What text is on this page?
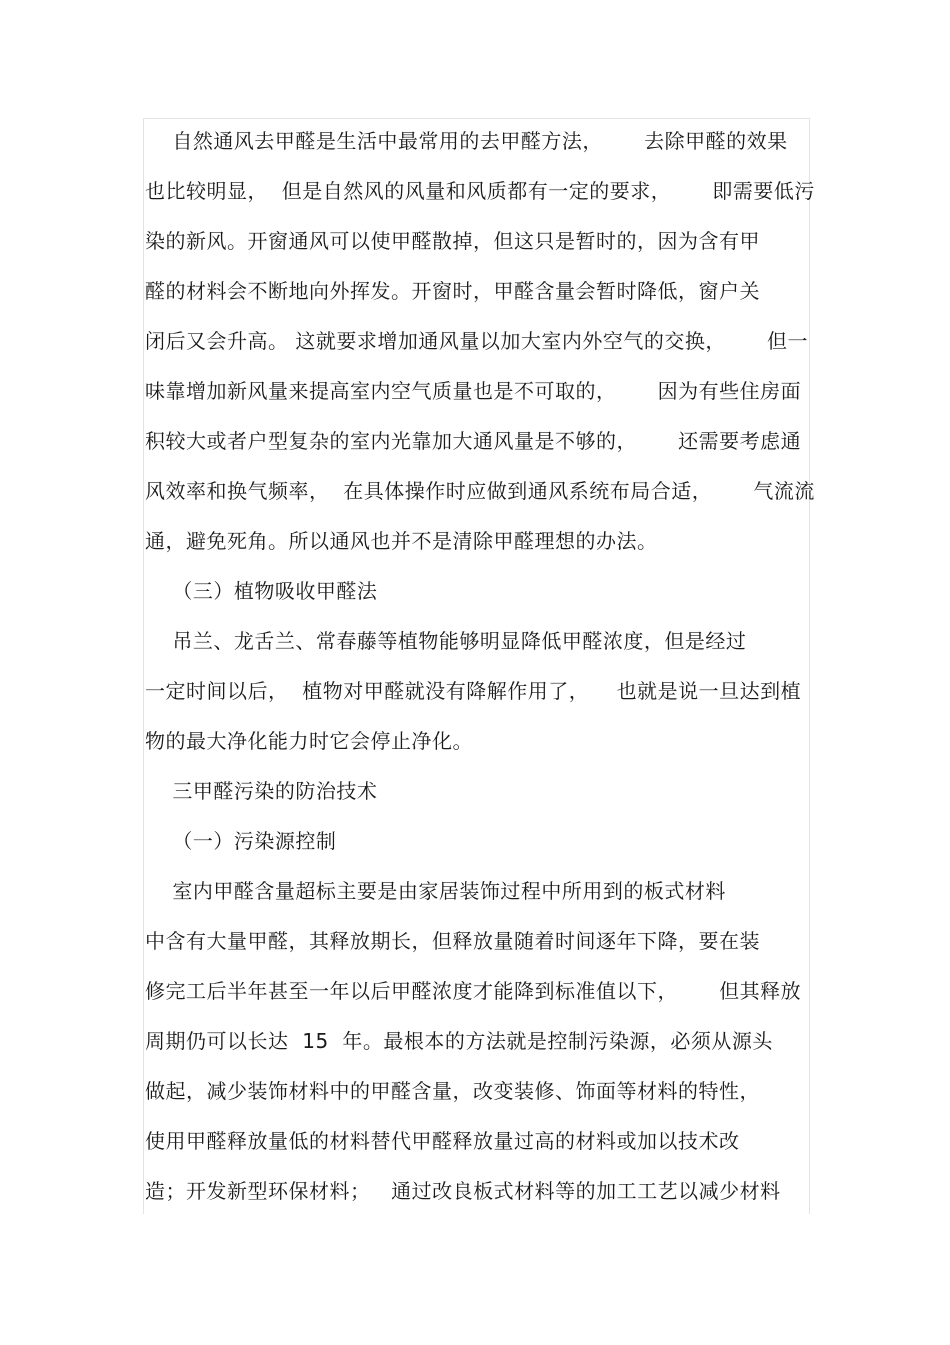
自然通风去甲醛是生活中最常用的去甲醛方法，      去除甲醛的效果
也比较明显，  但是自然风的风量和风质都有一定的要求，      即需要低污
染的新风。开窗通风可以使甲醛散掉，但这只是暂时的，因为含有甲
醛的材料会不断地向外挥发。开窗时，甲醛含量会暂时降低，窗户关
闭后又会升高。 这就要求增加通风量以加大室内外空气的交换，      但一
味靠增加新风量来提高室内空气质量也是不可取的，      因为有些住房面
积较大或者户型复杂的室内光靠加大通风量是不够的，      还需要考虑通
风效率和换气频率，  在具体操作时应做到通风系统布局合适，      气流流
通，避免死角。所以通风也并不是清除甲醛理想的办法。
（三）植物吸收甲醛法
吊兰、龙舌兰、常春藤等植物能够明显降低甲醛浓度，但是经过
一定时间以后，  植物对甲醛就没有降解作用了，    也就是说一旦达到植
物的最大净化能力时它会停止净化。
三甲醛污染的防治技术
（一）污染源控制
室内甲醛含量超标主要是由家居装饰过程中所用到的板式材料
中含有大量甲醛，其释放期长，但释放量随着时间逐年下降，要在装
修完工后半年甚至一年以后甲醛浓度才能降到标准值以下，      但其释放
周期仍可以长达  15  年。最根本的方法就是控制污染源，必须从源头
做起，减少装饰材料中的甲醛含量，改变装修、饰面等材料的特性，
使用甲醛释放量低的材料替代甲醛释放量过高的材料或加以技术改
造；开发新型环保材料；   通过改良板式材料等的加工工艺以减少材料
